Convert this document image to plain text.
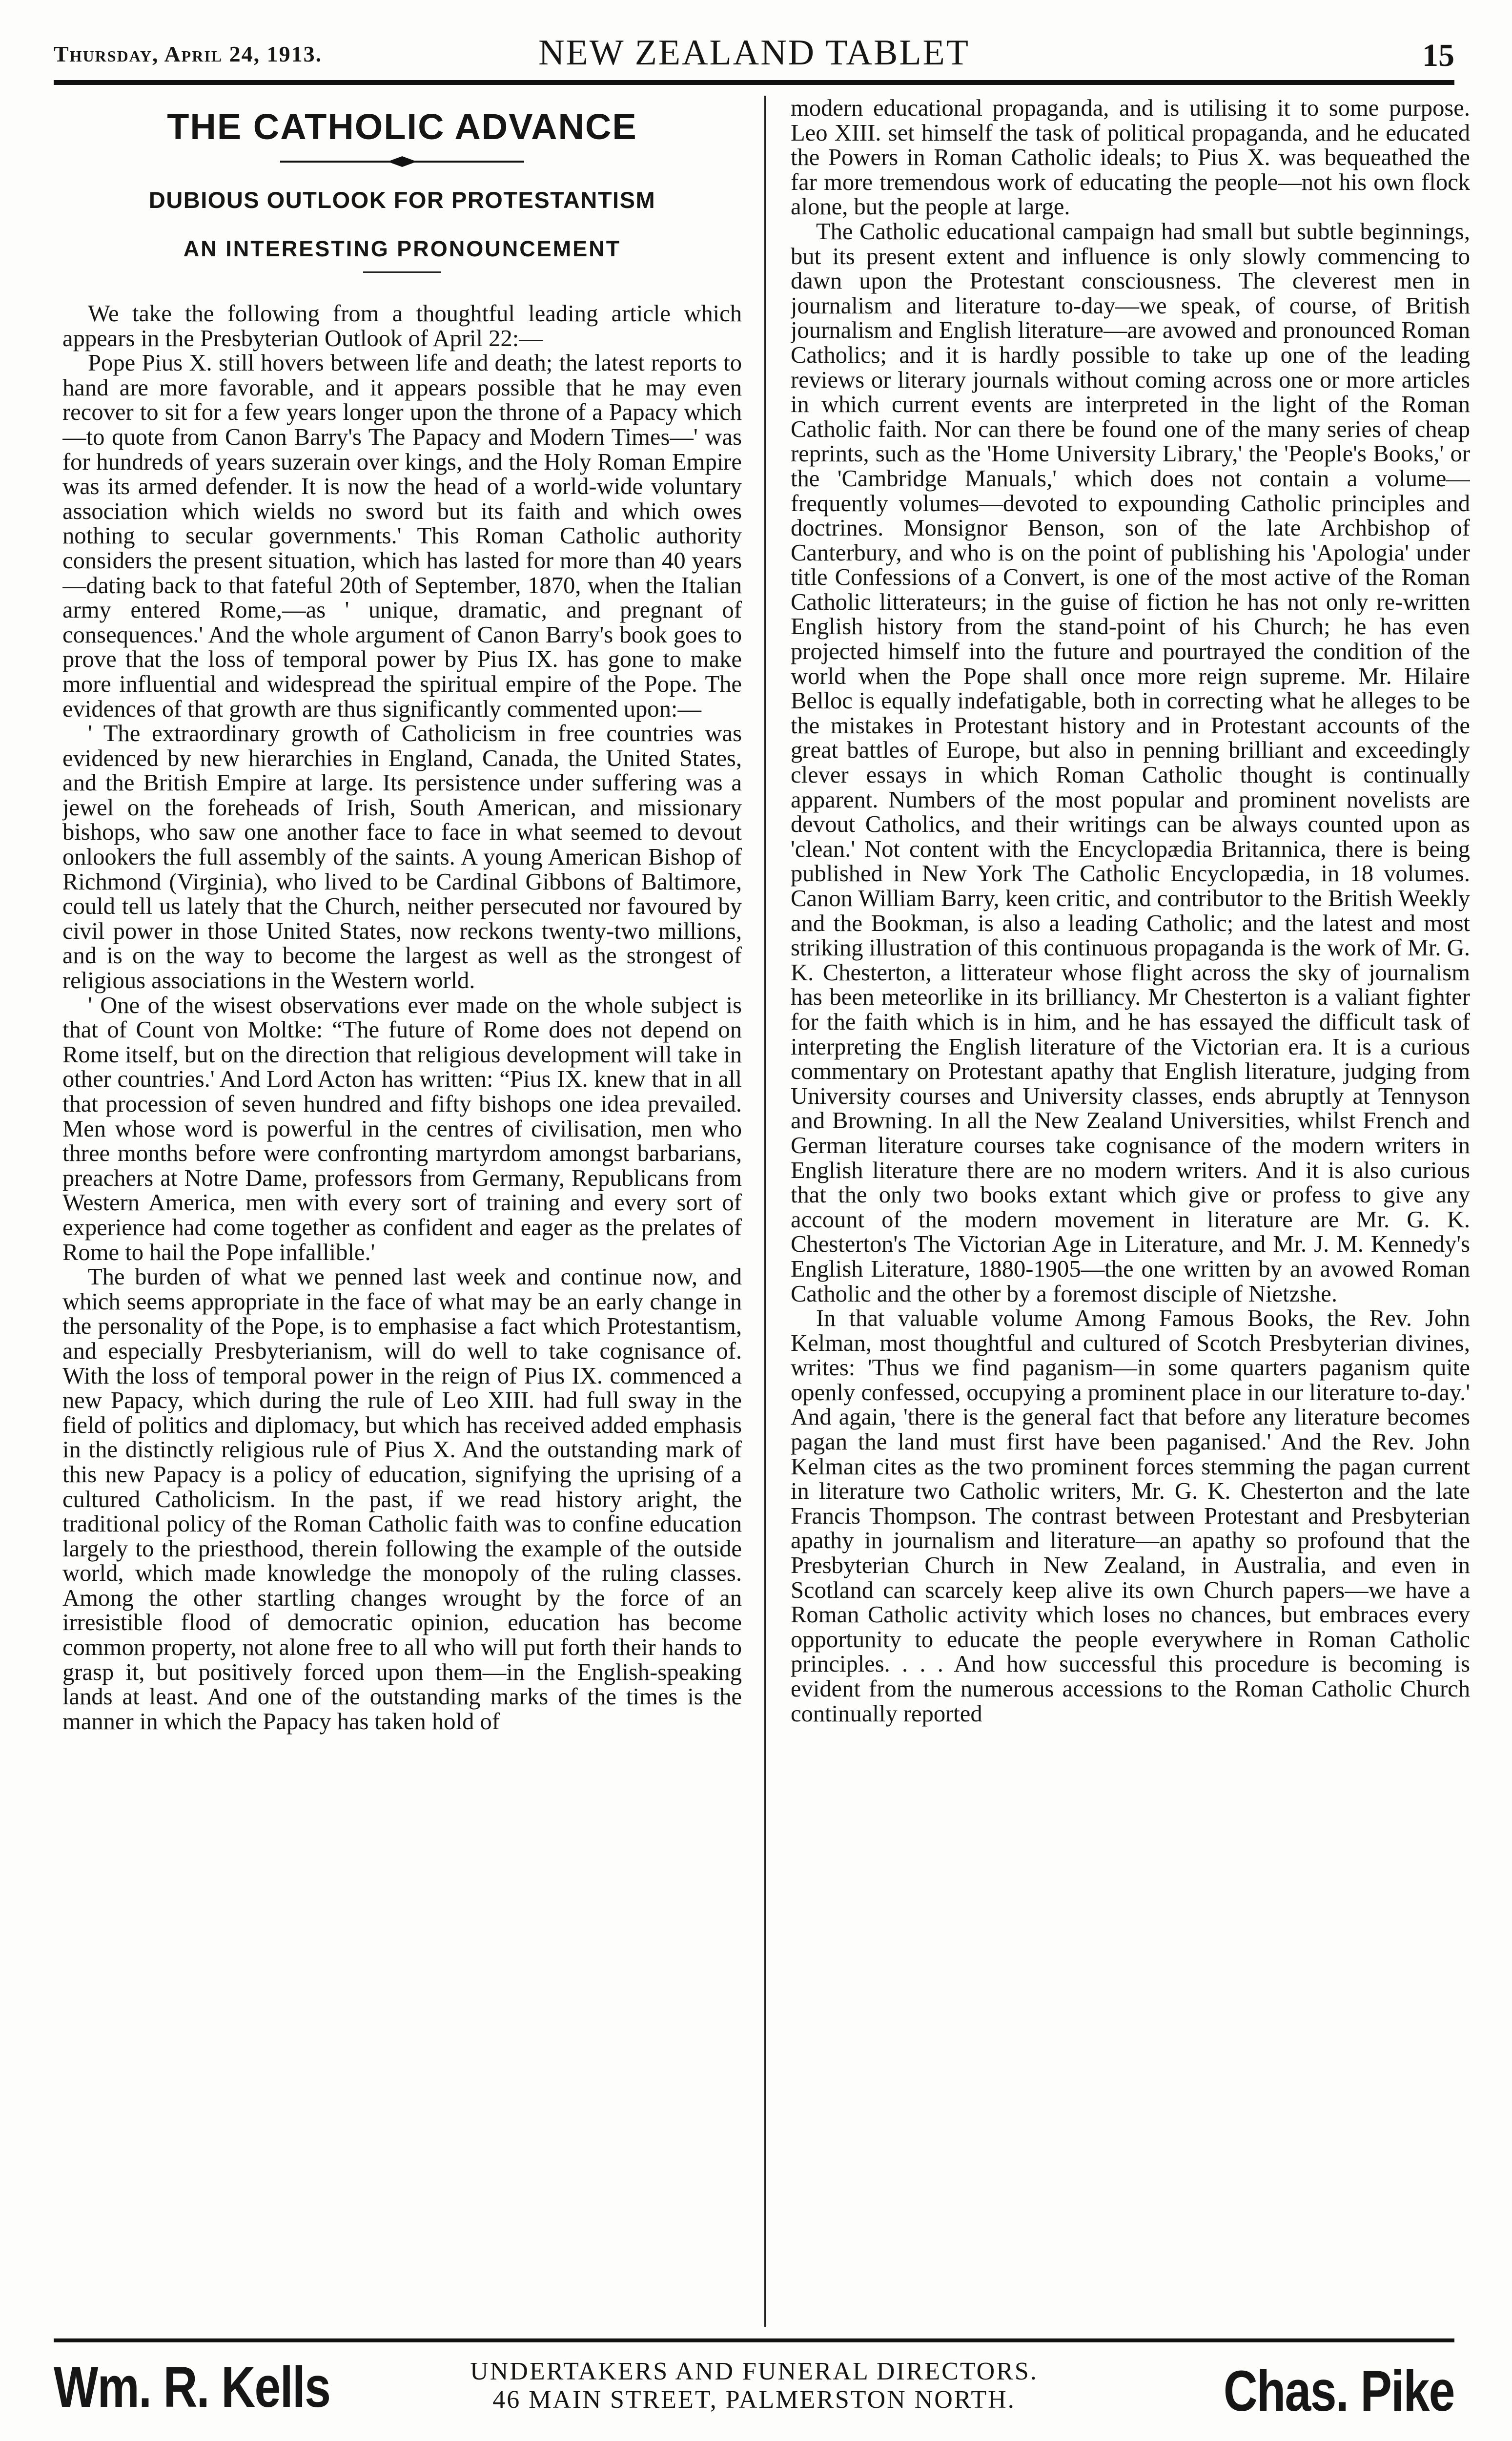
Thursday, April 24, 1913.	NEW ZEALAND TABLET	15
THE CATHOLIC ADVANCE
DUBIOUS OUTLOOK FOR PROTESTANTISM
AN INTERESTING PRONOUNCEMENT

We take the following from a thoughtful leading article which appears in the Presbyterian Outlook of April 22:—

Pope Pius X. still hovers between life and death; the latest reports to hand are more favorable, and it appears possible that he may even recover to sit for a few years longer upon the throne of a Papacy which—to quote from Canon Barry's The Papacy and Modern Times—' was for hundreds of years suzerain over kings, and the Holy Roman Empire was its armed defender. It is now the head of a world-wide voluntary association which wields no sword but its faith and which owes nothing to secular governments.' This Roman Catholic authority considers the present situation, which has lasted for more than 40 years—dating back to that fateful 20th of September, 1870, when the Italian army entered Rome,—as ' unique, dramatic, and pregnant of consequences.' And the whole argument of Canon Barry's book goes to prove that the loss of temporal power by Pius IX. has gone to make more influential and widespread the spiritual empire of the Pope. The evidences of that growth are thus significantly commented upon:—

' The extraordinary growth of Catholicism in free countries was evidenced by new hierarchies in England, Canada, the United States, and the British Empire at large. Its persistence under suffering was a jewel on the foreheads of Irish, South American, and missionary bishops, who saw one another face to face in what seemed to devout onlookers the full assembly of the saints. A young American Bishop of Richmond (Virginia), who lived to be Cardinal Gibbons of Baltimore, could tell us lately that the Church, neither persecuted nor favoured by civil power in those United States, now reckons twenty-two millions, and is on the way to become the largest as well as the strongest of religious associations in the Western world.

' One of the wisest observations ever made on the whole subject is that of Count von Moltke: “The future of Rome does not depend on Rome itself, but on the direction that religious development will take in other countries.' And Lord Acton has written: “Pius IX. knew that in all that procession of seven hundred and fifty bishops one idea prevailed. Men whose word is powerful in the centres of civilisation, men who three months before were confronting martyrdom amongst barbarians, preachers at Notre Dame, professors from Germany, Republicans from Western America, men with every sort of training and every sort of experience had come together as confident and eager as the prelates of Rome to hail the Pope infallible.'

The burden of what we penned last week and continue now, and which seems appropriate in the face of what may be an early change in the personality of the Pope, is to emphasise a fact which Protestantism, and especially Presbyterianism, will do well to take cognisance of. With the loss of temporal power in the reign of Pius IX. commenced a new Papacy, which during the rule of Leo XIII. had full sway in the field of politics and diplomacy, but which has received added emphasis in the distinctly religious rule of Pius X. And the outstanding mark of this new Papacy is a policy of education, signifying the uprising of a cultured Catholicism. In the past, if we read history aright, the traditional policy of the Roman Catholic faith was to confine education largely to the priesthood, therein following the example of the outside world, which made knowledge the monopoly of the ruling classes. Among the other startling changes wrought by the force of an irresistible flood of democratic opinion, education has become common property, not alone free to all who will put forth their hands to grasp it, but positively forced upon them—in the English-speaking lands at least. And one of the outstanding marks of the times is the manner in which the Papacy has taken hold of

modern educational propaganda, and is utilising it to some purpose. Leo XIII. set himself the task of political propaganda, and he educated the Powers in Roman Catholic ideals; to Pius X. was bequeathed the far more tremendous work of educating the people—not his own flock alone, but the people at large.

The Catholic educational campaign had small but subtle beginnings, but its present extent and influence is only slowly commencing to dawn upon the Protestant consciousness. The cleverest men in journalism and literature to-day—we speak, of course, of British journalism and English literature—are avowed and pronounced Roman Catholics; and it is hardly possible to take up one of the leading reviews or literary journals without coming across one or more articles in which current events are interpreted in the light of the Roman Catholic faith. Nor can there be found one of the many series of cheap reprints, such as the 'Home University Library,' the 'People's Books,' or the 'Cambridge Manuals,' which does not contain a volume—frequently volumes—devoted to expounding Catholic principles and doctrines. Monsignor Benson, son of the late Archbishop of Canterbury, and who is on the point of publishing his 'Apologia' under title Confessions of a Convert, is one of the most active of the Roman Catholic litterateurs; in the guise of fiction he has not only re-written English history from the stand-point of his Church; he has even projected himself into the future and pourtrayed the condition of the world when the Pope shall once more reign supreme. Mr. Hilaire Belloc is equally indefatigable, both in correcting what he alleges to be the mistakes in Protestant history and in Protestant accounts of the great battles of Europe, but also in penning brilliant and exceedingly clever essays in which Roman Catholic thought is continually apparent. Numbers of the most popular and prominent novelists are devout Catholics, and their writings can be always counted upon as 'clean.' Not content with the Encyclopædia Britannica, there is being published in New York The Catholic Encyclopædia, in 18 volumes. Canon William Barry, keen critic, and contributor to the British Weekly and the Bookman, is also a leading Catholic; and the latest and most striking illustration of this continuous propaganda is the work of Mr. G. K. Chesterton, a litterateur whose flight across the sky of journalism has been meteorlike in its brilliancy. Mr Chesterton is a valiant fighter for the faith which is in him, and he has essayed the difficult task of interpreting the English literature of the Victorian era. It is a curious commentary on Protestant apathy that English literature, judging from University courses and University classes, ends abruptly at Tennyson and Browning. In all the New Zealand Universities, whilst French and German literature courses take cognisance of the modern writers in English literature there are no modern writers. And it is also curious that the only two books extant which give or profess to give any account of the modern movement in literature are Mr. G. K. Chesterton's The Victorian Age in Literature, and Mr. J. M. Kennedy's English Literature, 1880-1905—the one written by an avowed Roman Catholic and the other by a foremost disciple of Nietzshe.

In that valuable volume Among Famous Books, the Rev. John Kelman, most thoughtful and cultured of Scotch Presbyterian divines, writes: 'Thus we find paganism—in some quarters paganism quite openly confessed, occupying a prominent place in our literature to-day.' And again, 'there is the general fact that before any literature becomes pagan the land must first have been paganised.' And the Rev. John Kelman cites as the two prominent forces stemming the pagan current in literature two Catholic writers, Mr. G. K. Chesterton and the late Francis Thompson. The contrast between Protestant and Presbyterian apathy in journalism and literature—an apathy so profound that the Presbyterian Church in New Zealand, in Australia, and even in Scotland can scarcely keep alive its own Church papers—we have a Roman Catholic activity which loses no chances, but embraces every opportunity to educate the people everywhere in Roman Catholic principles. . . . And how successful this procedure is becoming is evident from the numerous accessions to the Roman Catholic Church continually reported

Wm. R. Kells	UNDERTAKERS AND FUNERAL DIRECTORS.
46 MAIN STREET, PALMERSTON NORTH.	Chas. Pike
